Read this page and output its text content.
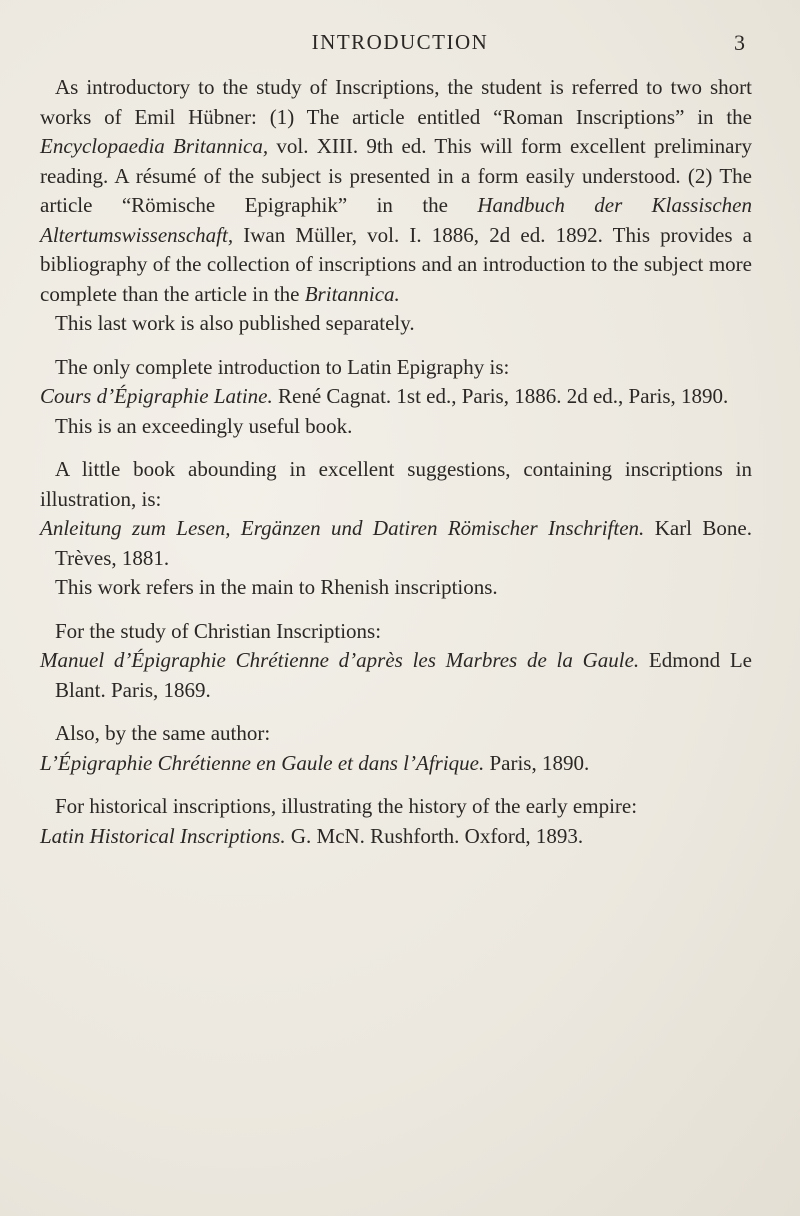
INTRODUCTION	3

As introductory to the study of Inscriptions, the student is referred to two short works of Emil Hübner: (1) The article entitled “Roman Inscriptions” in the Encyclopaedia Britannica, vol. XIII. 9th ed. This will form excellent preliminary reading. A résumé of the subject is presented in a form easily understood. (2) The article “Römische Epigraphik” in the Handbuch der Klassischen Altertumswissenschaft, Iwan Müller, vol. I. 1886, 2d ed. 1892. This provides a bibliography of the collection of inscriptions and an introduction to the subject more complete than the article in the Britannica.

This last work is also published separately.

The only complete introduction to Latin Epigraphy is:

Cours d’Épigraphie Latine. René Cagnat. 1st ed., Paris, 1886. 2d ed., Paris, 1890.

This is an exceedingly useful book.

A little book abounding in excellent suggestions, containing inscriptions in illustration, is:

Anleitung zum Lesen, Ergänzen und Datiren Römischer Inschriften. Karl Bone. Trèves, 1881.

This work refers in the main to Rhenish inscriptions.

For the study of Christian Inscriptions:

Manuel d’Épigraphie Chrétienne d’après les Marbres de la Gaule. Edmond Le Blant. Paris, 1869.

Also, by the same author:

L’Épigraphie Chrétienne en Gaule et dans l’Afrique. Paris, 1890.

For historical inscriptions, illustrating the history of the early empire:

Latin Historical Inscriptions. G. McN. Rushforth. Oxford, 1893.
